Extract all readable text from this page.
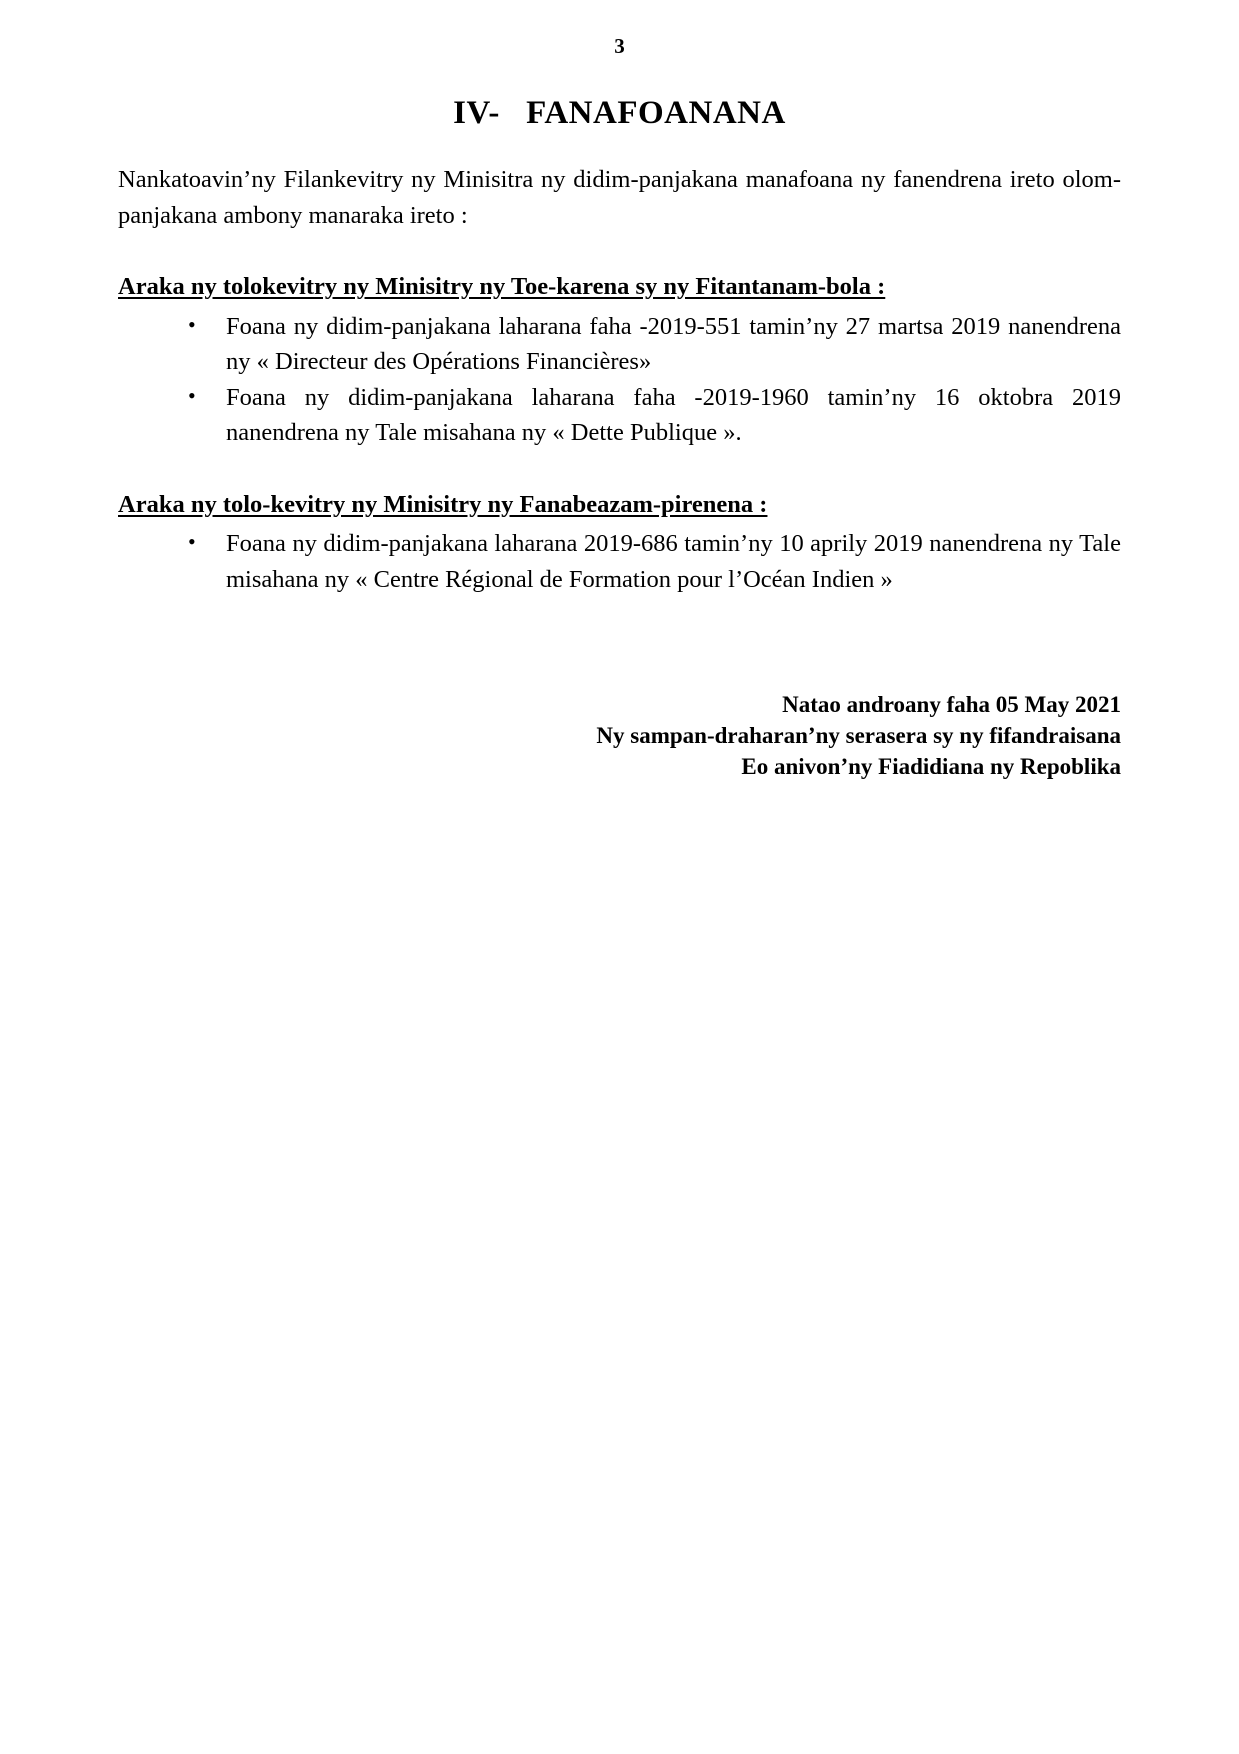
3
IV- FANAFOANANA

Nankatoavin’ny Filankevitry ny Minisitra ny didim-panjakana manafoana ny fanendrena ireto olom-panjakana ambony manaraka ireto :

Araka ny tolokevitry ny Minisitry ny Toe-karena sy ny Fitantanam-bola :
• Foana ny didim-panjakana laharana faha -2019-551 tamin’ny 27 martsa 2019 nanendrena ny « Directeur des Opérations Financières»
• Foana ny didim-panjakana laharana faha -2019-1960 tamin’ny 16 oktobra 2019 nanendrena ny Tale misahana ny « Dette Publique ».
Araka ny tolo-kevitry ny Minisitry ny Fanabeazam-pirenena :
• Foana ny didim-panjakana laharana 2019-686 tamin’ny 10 aprily 2019 nanendrena ny Tale misahana ny « Centre Régional de Formation pour l’Océan Indien »
Natao androany faha 05 May 2021
Ny sampan-draharan’ny serasera sy ny fifandraisana
Eo anivon’ny Fiadidiana ny Repoblika
